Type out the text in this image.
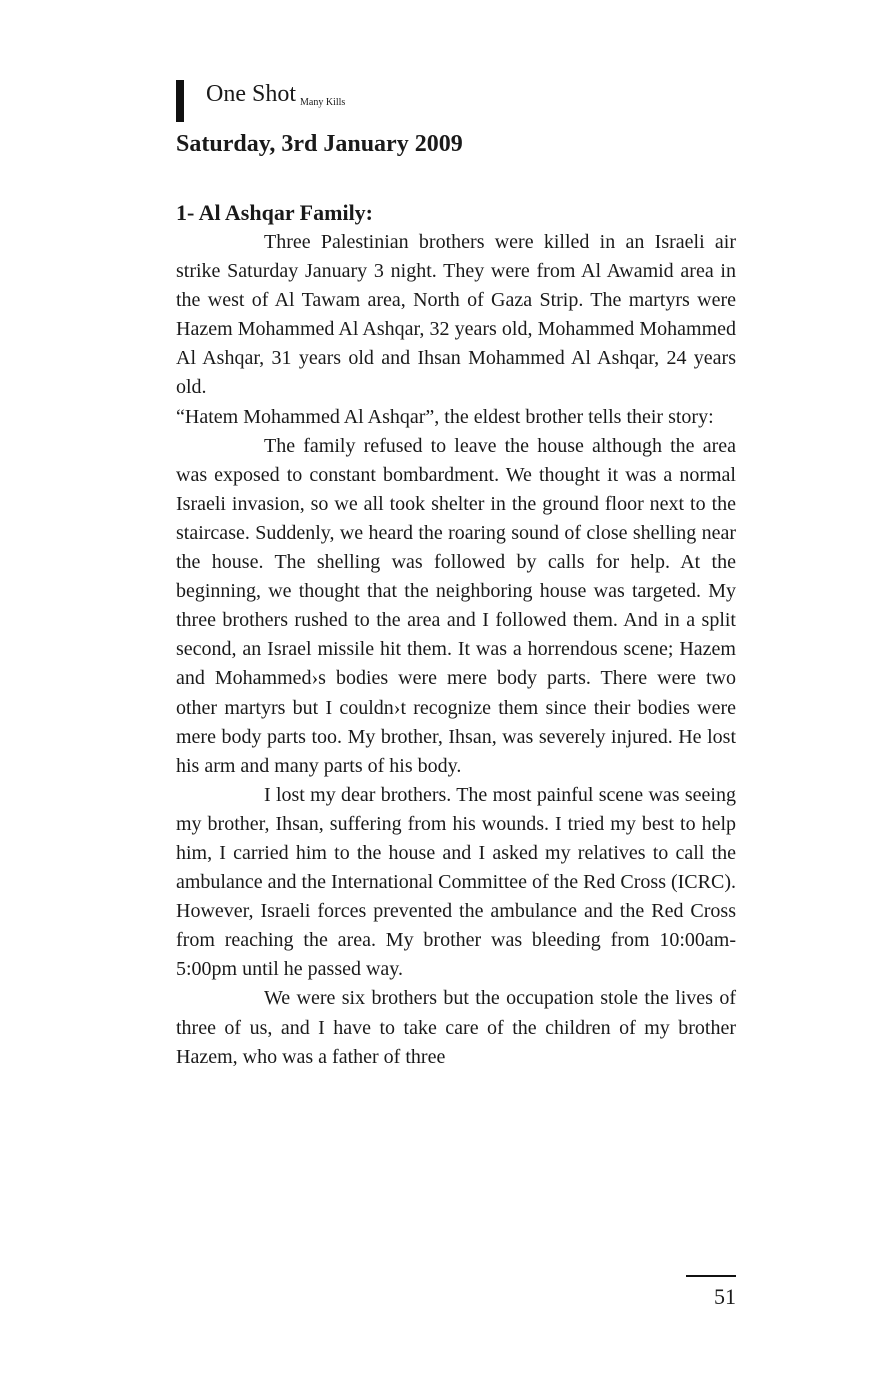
One Shot Many Kills
Saturday, 3rd January 2009
1- Al Ashqar Family:

Three Palestinian brothers were killed in an Israeli air strike Saturday January 3 night. They were from Al Awamid area in the west of Al Tawam area, North of Gaza Strip. The martyrs were Hazem Mohammed Al Ashqar, 32 years old, Mohammed Mohammed Al Ashqar, 31 years old and Ihsan Mohammed Al Ashqar, 24 years old.

“Hatem Mohammed Al Ashqar”, the eldest brother tells their story:

The family refused to leave the house although the area was exposed to constant bombardment. We thought it was a normal Israeli invasion, so we all took shelter in the ground floor next to the staircase. Suddenly, we heard the roaring sound of close shelling near the house. The shelling was followed by calls for help. At the beginning, we thought that the neighboring house was targeted. My three brothers rushed to the area and I followed them. And in a split second, an Israel missile hit them. It was a horrendous scene; Hazem and Mohammed›s bodies were mere body parts. There were two other martyrs but I couldn›t recognize them since their bodies were mere body parts too. My brother, Ihsan, was severely injured. He lost his arm and many parts of his body.

I lost my dear brothers. The most painful scene was seeing my brother, Ihsan, suffering from his wounds. I tried my best to help him, I carried him to the house and I asked my relatives to call the ambulance and the International Committee of the Red Cross (ICRC). However, Israeli forces prevented the ambulance and the Red Cross from reaching the area. My brother was bleeding from 10:00am-5:00pm until he passed way.

We were six brothers but the occupation stole the lives of three of us, and I have to take care of the children of my brother Hazem, who was a father of three

51
